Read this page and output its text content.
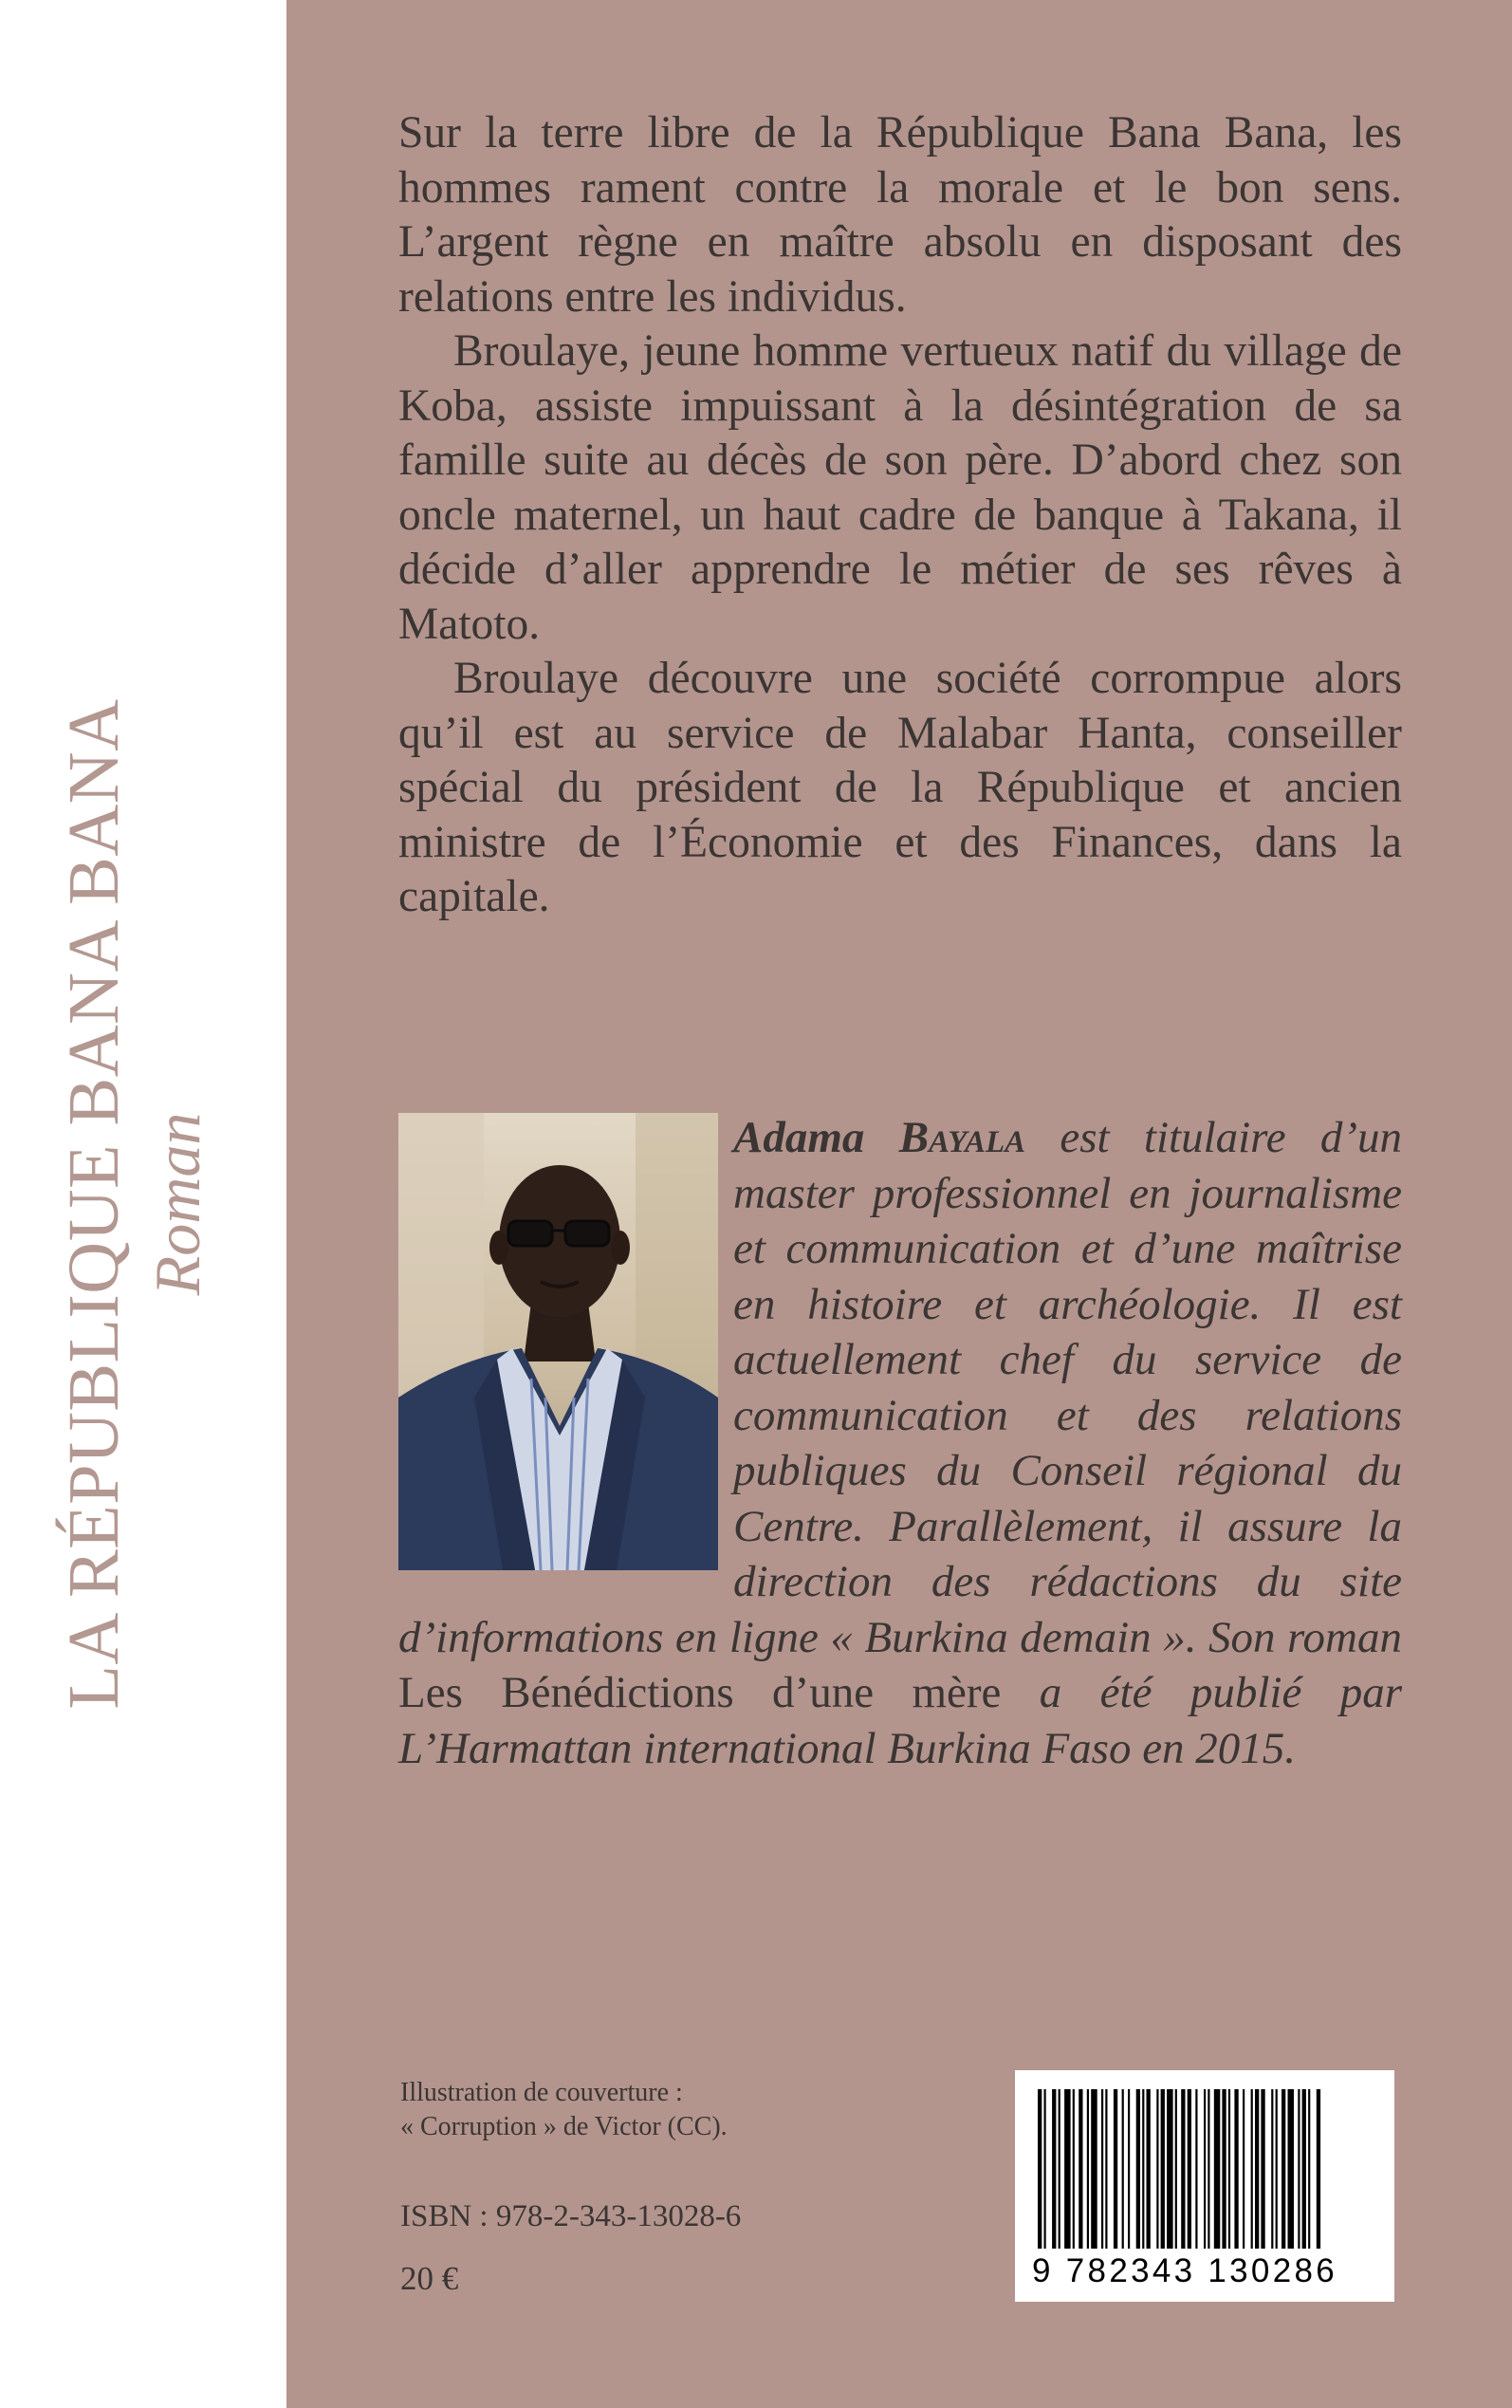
LA RÉPUBLIQUE BANA BANA Roman

Sur la terre libre de la République Bana Bana, les hommes rament contre la morale et le bon sens. L’argent règne en maître absolu en disposant des relations entre les individus.

Broulaye, jeune homme vertueux natif du village de Koba, assiste impuissant à la désintégration de sa famille suite au décès de son père. D’abord chez son oncle maternel, un haut cadre de banque à Takana, il décide d’aller apprendre le métier de ses rêves à Matoto.

Broulaye découvre une société corrompue alors qu’il est au service de Malabar Hanta, conseiller spécial du président de la République et ancien ministre de l’Économie et des Finances, dans la capitale.

Adama Bayala est titulaire d’un master professionnel en journalisme et communication et d’une maîtrise en histoire et archéologie. Il est actuellement chef du service de communication et des relations publiques du Conseil régional du Centre. Parallèlement, il assure la direction des rédactions du site d’informations en ligne « Burkina demain ». Son roman Les Bénédictions d’une mère a été publié par L’Harmattan international Burkina Faso en 2015.
Illustration de couverture :
« Corruption » de Victor (CC).
ISBN : 978-2-343-13028-6
20 €	9 782343 130286
